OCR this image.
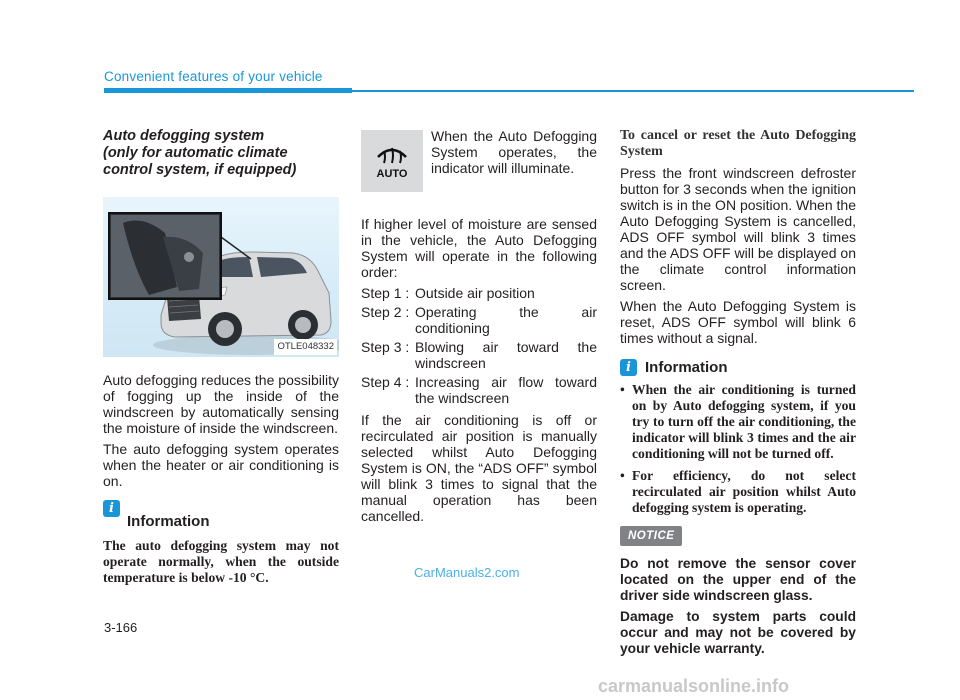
Convenient features of your vehicle
Auto defogging system
(only for automatic climate
control system, if equipped)
OTLE048332

Auto defogging reduces the possibility of fogging up the inside of the windscreen by automatically sensing the moisture of inside the windscreen.

The auto defogging system operates when the heater or air conditioning is on.

i
Information

The auto defogging system may not operate normally, when the outside temperature is below -10 °C.

AUTO

When the Auto Defogging System operates, the indicator will illuminate.

If higher level of moisture are sensed in the vehicle, the Auto Defogging System will operate in the following order:

Step 1 : Outside air position
Step 2 : Operating the air conditioning
Step 3 : Blowing air toward the windscreen
Step 4 : Increasing air flow toward the windscreen

If the air conditioning is off or recirculated air position is manually selected whilst Auto Defogging System is ON, the “ADS OFF” symbol will blink 3 times to signal that the manual operation has been cancelled.

To cancel or reset the Auto Defogging System

Press the front windscreen defroster button for 3 seconds when the ignition switch is in the ON position. When the Auto Defogging System is cancelled, ADS OFF symbol will blink 3 times and the ADS OFF will be displayed on the climate control information screen.

When the Auto Defogging System is reset, ADS OFF symbol will blink 6 times without a signal.

i Information
• When the air conditioning is turned on by Auto defogging system, if you try to turn off the air conditioning, the indicator will blink 3 times and the air conditioning will not be turned off.
• For efficiency, do not select recirculated air position whilst Auto defogging system is operating.
NOTICE

Do not remove the sensor cover located on the upper end of the driver side windscreen glass.

Damage to system parts could occur and may not be covered by your vehicle warranty.

3-166
CarManuals2.com
carmanualsonline.info
